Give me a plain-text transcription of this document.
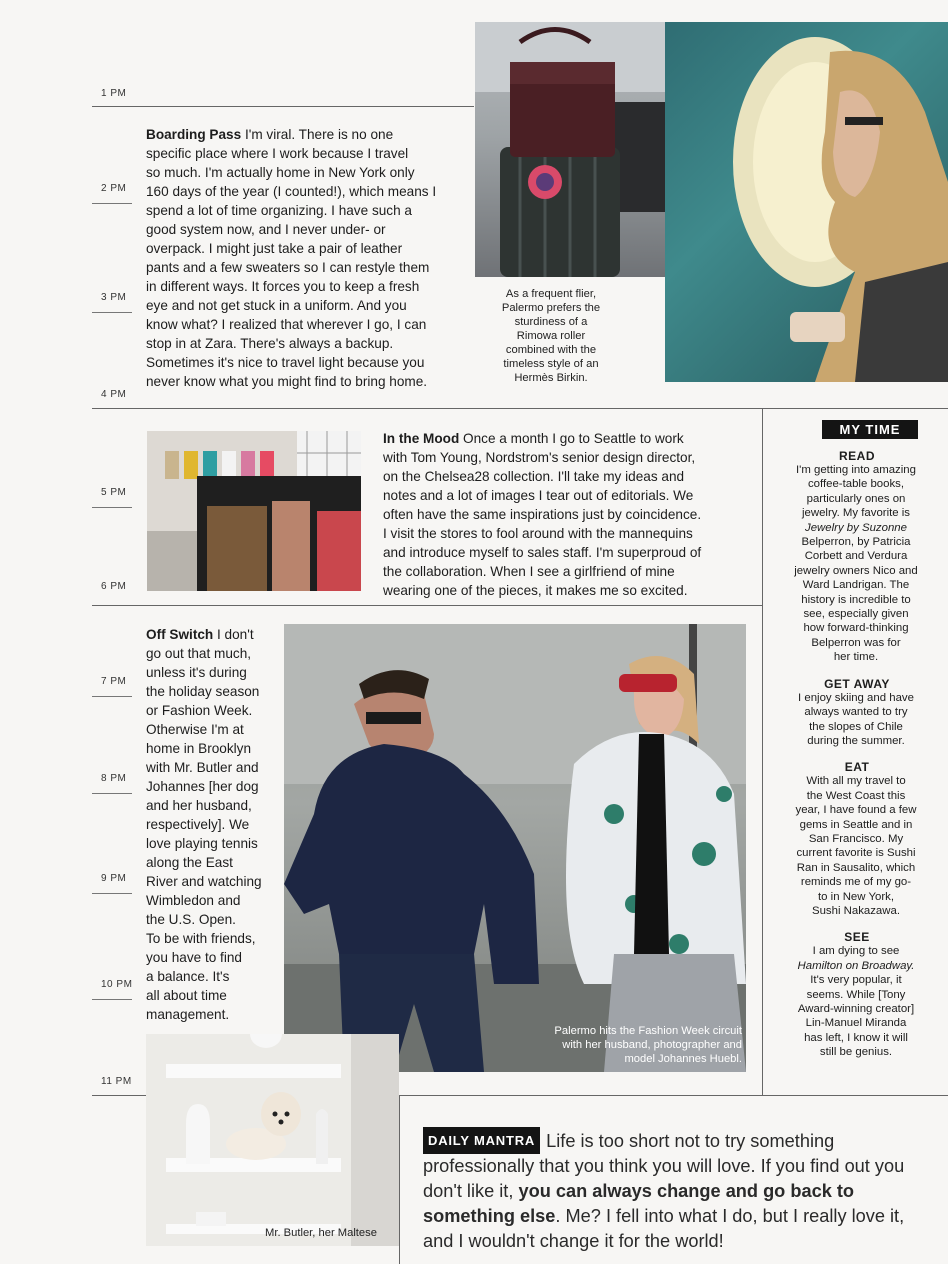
1 PM
2 PM
3 PM
4 PM
5 PM
6 PM
7 PM
8 PM
9 PM
10 PM
11 PM
Boarding Pass I'm viral. There is no one
specific place where I work because I travel
so much. I'm actually home in New York only
160 days of the year (I counted!), which means I
spend a lot of time organizing. I have such a
good system now, and I never under- or
overpack. I might just take a pair of leather
pants and a few sweaters so I can restyle them
in different ways. It forces you to keep a fresh
eye and not get stuck in a uniform. And you
know what? I realized that wherever I go, I can
stop in at Zara. There's always a backup.
Sometimes it's nice to travel light because you
never know what you might find to bring home.
As a frequent flier,
Palermo prefers the
sturdiness of a
Rimowa roller
combined with the
timeless style of an
Hermès Birkin.
In the Mood Once a month I go to Seattle to work
with Tom Young, Nordstrom's senior design director,
on the Chelsea28 collection. I'll take my ideas and
notes and a lot of images I tear out of editorials. We
often have the same inspirations just by coincidence.
I visit the stores to fool around with the mannequins
and introduce myself to sales staff. I'm superproud of
the collaboration. When I see a girlfriend of mine
wearing one of the pieces, it makes me so excited.
Off Switch I don't
go out that much,
unless it's during
the holiday season
or Fashion Week.
Otherwise I'm at
home in Brooklyn
with Mr. Butler and
Johannes [her dog
and her husband,
respectively]. We
love playing tennis
along the East
River and watching
Wimbledon and
the U.S. Open.
To be with friends,
you have to find
a balance. It's
all about time
management.
Palermo hits the Fashion Week circuit
with her husband, photographer and
model Johannes Huebl.
Mr. Butler, her Maltese
MY TIME
READ
I'm getting into amazing
coffee-table books,
particularly ones on
jewelry. My favorite is
Jewelry by Suzonne
Belperron, by Patricia
Corbett and Verdura
jewelry owners Nico and
Ward Landrigan. The
history is incredible to
see, especially given
how forward-thinking
Belperron was for
her time.
GET AWAY
I enjoy skiing and have
always wanted to try
the slopes of Chile
during the summer.
EAT
With all my travel to
the West Coast this
year, I have found a few
gems in Seattle and in
San Francisco. My
current favorite is Sushi
Ran in Sausalito, which
reminds me of my go-
to in New York,
Sushi Nakazawa.
SEE
I am dying to see
Hamilton on Broadway.
It's very popular, it
seems. While [Tony
Award-winning creator]
Lin-Manuel Miranda
has left, I know it will
still be genius.
DAILY MANTRA Life is too short not to try something professionally that you think you will love. If you find out you don't like it, you can always change and go back to something else. Me? I fell into what I do, but I really love it, and I wouldn't change it for the world!
